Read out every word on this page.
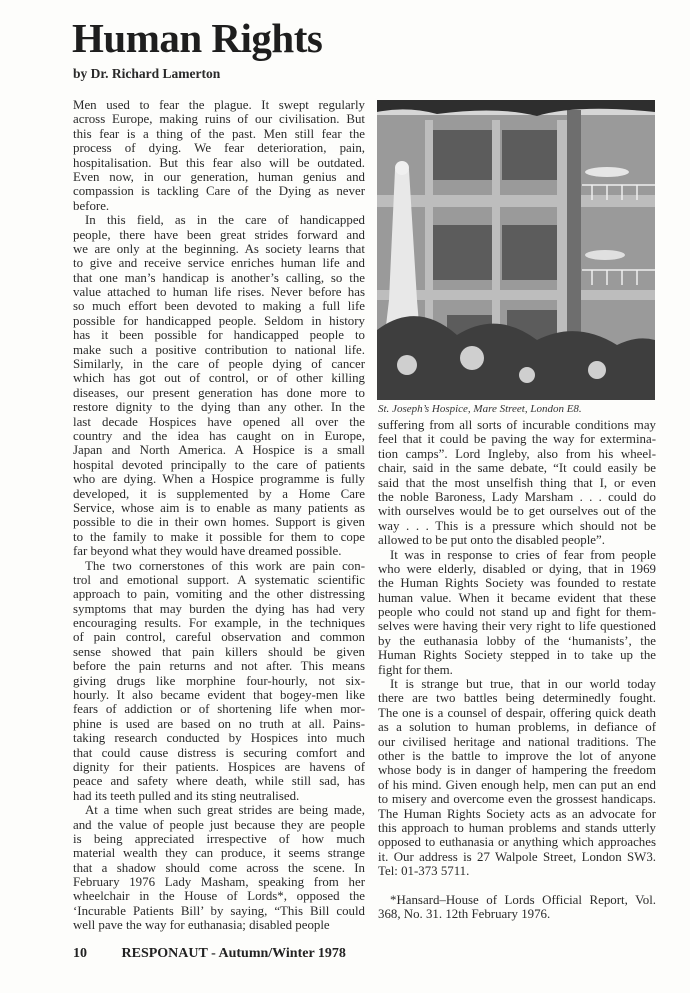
Human Rights
by Dr. Richard Lamerton
Men used to fear the plague. It swept regularly
across Europe, making ruins of our civilisation. But
this fear is a thing of the past. Men still fear the
process of dying. We fear deterioration, pain,
hospitalisation. But this fear also will be outdated.
Even now, in our generation, human genius and
compassion is tackling Care of the Dying as never
before.
In this field, as in the care of handicapped
people, there have been great strides forward and
we are only at the beginning. As society learns that
to give and receive service enriches human life and
that one man’s handicap is another’s calling, so the
value attached to human life rises. Never before has
so much effort been devoted to making a full life
possible for handicapped people. Seldom in history
has it been possible for handicapped people to
make such a positive contribution to national life.
Similarly, in the care of people dying of cancer
which has got out of control, or of other killing
diseases, our present generation has done more to
restore dignity to the dying than any other. In the
last decade Hospices have opened all over the
country and the idea has caught on in Europe,
Japan and North America. A Hospice is a small
hospital devoted principally to the care of patients
who are dying. When a Hospice programme is fully
developed, it is supplemented by a Home Care
Service, whose aim is to enable as many patients as
possible to die in their own homes. Support is given
to the family to make it possible for them to cope
far beyond what they would have dreamed possible.
The two cornerstones of this work are pain con-
trol and emotional support. A systematic scientific
approach to pain, vomiting and the other distressing
symptoms that may burden the dying has had very
encouraging results. For example, in the techniques
of pain control, careful observation and common
sense showed that pain killers should be given
before the pain returns and not after. This means
giving drugs like morphine four-hourly, not six-
hourly. It also became evident that bogey-men like
fears of addiction or of shortening life when mor-
phine is used are based on no truth at all. Pains-
taking research conducted by Hospices into much
that could cause distress is securing comfort and
dignity for their patients. Hospices are havens of
peace and safety where death, while still sad, has
had its teeth pulled and its sting neutralised.
At a time when such great strides are being made,
and the value of people just because they are people
is being appreciated irrespective of how much
material wealth they can produce, it seems strange
that a shadow should come across the scene. In
February 1976 Lady Masham, speaking from her
wheelchair in the House of Lords*, opposed the
‘Incurable Patients Bill’ by saying, “This Bill could
well pave the way for euthanasia; disabled people
St. Joseph’s Hospice, Mare Street, London E8.
suffering from all sorts of incurable conditions may
feel that it could be paving the way for extermina-
tion camps”. Lord Ingleby, also from his wheel-
chair, said in the same debate, “It could easily be
said that the most unselfish thing that I, or even
the noble Baroness, Lady Marsham . . . could do
with ourselves would be to get ourselves out of the
way . . . This is a pressure which should not be
allowed to be put onto the disabled people”.
It was in response to cries of fear from people
who were elderly, disabled or dying, that in 1969
the Human Rights Society was founded to restate
human value. When it became evident that these
people who could not stand up and fight for them-
selves were having their very right to life questioned
by the euthanasia lobby of the ‘humanists’, the
Human Rights Society stepped in to take up the
fight for them.
It is strange but true, that in our world today
there are two battles being determinedly fought.
The one is a counsel of despair, offering quick death
as a solution to human problems, in defiance of
our civilised heritage and national traditions. The
other is the battle to improve the lot of anyone
whose body is in danger of hampering the freedom
of his mind. Given enough help, men can put an end
to misery and overcome even the grossest handicaps.
The Human Rights Society acts as an advocate for
this approach to human problems and stands utterly
opposed to euthanasia or anything which approaches
it. Our address is 27 Walpole Street, London SW3.
Tel: 01-373 5711.
*Hansard–House of Lords Official Report, Vol.
368, No. 31. 12th February 1976.
10 RESPONAUT - Autumn/Winter 1978
